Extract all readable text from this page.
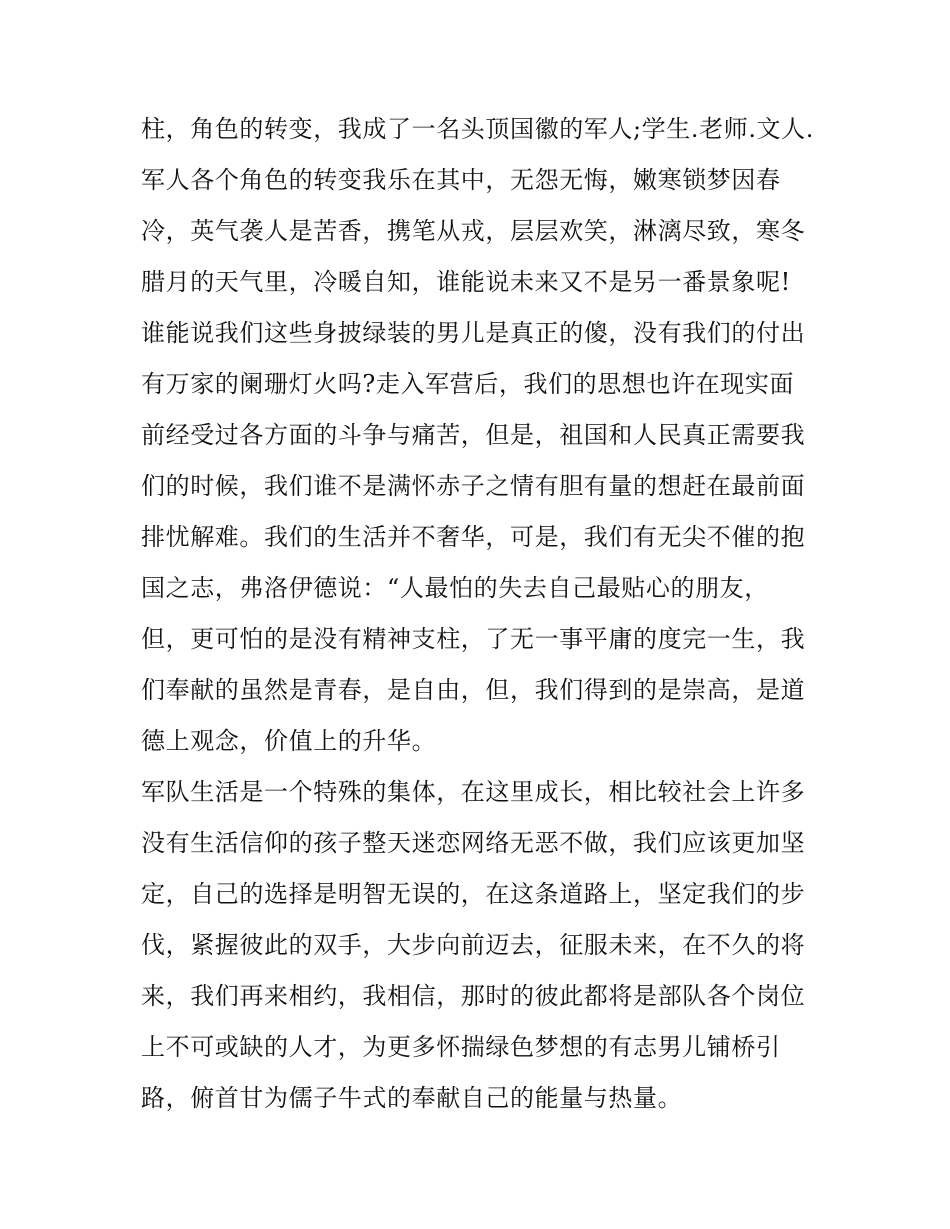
柱，角色的转变，我成了一名头顶国徽的军人;学生.老师.文人.
军人各个角色的转变我乐在其中，无怨无悔，嫩寒锁梦因春
冷，英气袭人是苦香，携笔从戎，层层欢笑，淋漓尽致，寒冬
腊月的天气里，冷暖自知，谁能说未来又不是另一番景象呢!
谁能说我们这些身披绿装的男儿是真正的傻，没有我们的付出
有万家的阑珊灯火吗?走入军营后，我们的思想也许在现实面
前经受过各方面的斗争与痛苦，但是，祖国和人民真正需要我
们的时候，我们谁不是满怀赤子之情有胆有量的想赶在最前面
排忧解难。我们的生活并不奢华，可是，我们有无尖不催的抱
国之志，弗洛伊德说：“人最怕的失去自己最贴心的朋友，
但，更可怕的是没有精神支柱，了无一事平庸的度完一生，我
们奉献的虽然是青春，是自由，但，我们得到的是崇高，是道
德上观念，价值上的升华。
军队生活是一个特殊的集体，在这里成长，相比较社会上许多
没有生活信仰的孩子整天迷恋网络无恶不做，我们应该更加坚
定，自己的选择是明智无误的，在这条道路上，坚定我们的步
伐，紧握彼此的双手，大步向前迈去，征服未来，在不久的将
来，我们再来相约，我相信，那时的彼此都将是部队各个岗位
上不可或缺的人才，为更多怀揣绿色梦想的有志男儿铺桥引
路，俯首甘为儒子牛式的奉献自己的能量与热量。
